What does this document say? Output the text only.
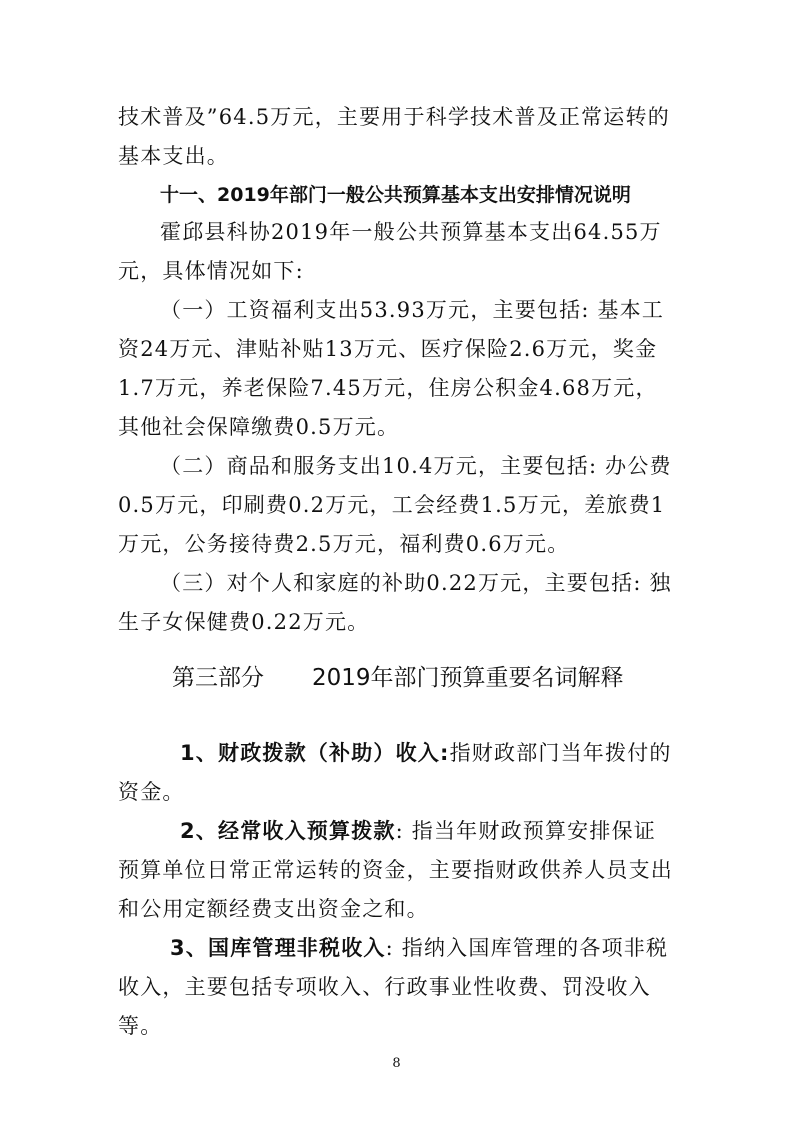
技术普及”64.5万元，主要用于科学技术普及正常运转的基本支出。

十一、2019年部门一般公共预算基本支出安排情况说明

霍邱县科协2019年一般公共预算基本支出64.55万元，具体情况如下:

（一）工资福利支出53.93万元，主要包括: 基本工资24万元、津贴补贴13万元、医疗保险2.6万元，奖金1.7万元，养老保险7.45万元，住房公积金4.68万元，其他社会保障缴费0.5万元。

（二）商品和服务支出10.4万元，主要包括: 办公费0.5万元，印刷费0.2万元，工会经费1.5万元，差旅费1万元，公务接待费2.5万元，福利费0.6万元。

（三）对个人和家庭的补助0.22万元，主要包括: 独生子女保健费0.22万元。

第三部分 2019年部门预算重要名词解释

1、财政拨款（补助）收入:指财政部门当年拨付的资金。

2、经常收入预算拨款: 指当年财政预算安排保证预算单位日常正常运转的资金，主要指财政供养人员支出和公用定额经费支出资金之和。

3、国库管理非税收入: 指纳入国库管理的各项非税收入，主要包括专项收入、行政事业性收费、罚没收入等。

8
